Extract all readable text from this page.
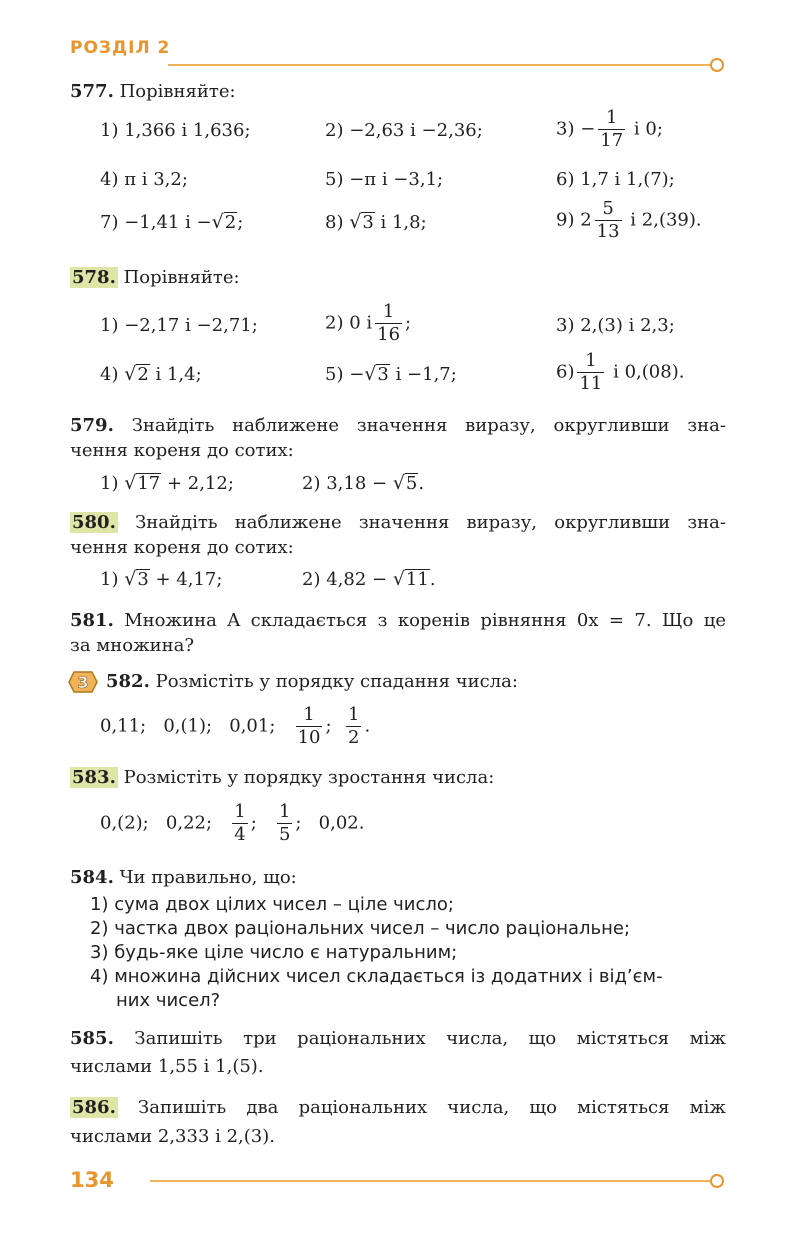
РОЗДІЛ 2
577. Порівняйте:
1) 1,366 і 1,636;	2) −2,63 і −2,36;	$3) - \frac{1}{17}$ і 0;
4) π і 3,2;	5) −π і −3,1;	6) 1,7 і 1,(7);
7) −1,41 і −√2;	8) √3 і 1,8;	9) $2 \frac{5}{13}$ і 2,(39).
578. Порівняйте:
1) −2,17 і −2,71;	2) 0 і $\frac{1}{16}$ ;	3) 2,(3) і 2,3;
4) √2 і 1,4;	5) −√3 і −1,7;	$6) \frac{1}{11}$ і 0,(08).
579. Знайдіть наближене значення виразу, округливши зна-
чення кореня до сотих:
1) √17 + 2,12;	2) 3,18 − √5.
580. Знайдіть наближене значення виразу, округливши зна-
чення кореня до сотих:
1) √3 + 4,17;	2) 4,82 − √11.
581. Множина A складається з коренів рівняння 0x = 7. Що це
за множина?
3 582. Розмістіть у порядку спадання числа:
0,11; 0,(1); 0,01; $\frac{1}{10}$ ; $\frac{1}{2}$ .
583. Розмістіть у порядку зростання числа:
0,(2); 0,22; $\frac{1}{4}$ ; $\frac{1}{5}$ ; 0,02.
584. Чи правильно, що:
1) сума двох цілих чисел – ціле число;
2) частка двох раціональних чисел – число раціональне;
3) будь-яке ціле число є натуральним;
4) множина дійсних чисел складається із додатних і від’єм-
них чисел?
585. Запишіть три раціональних числа, що містяться між
числами 1,55 і 1,(5).
586. Запишіть два раціональних числа, що містяться між
числами 2,333 і 2,(3).
134
